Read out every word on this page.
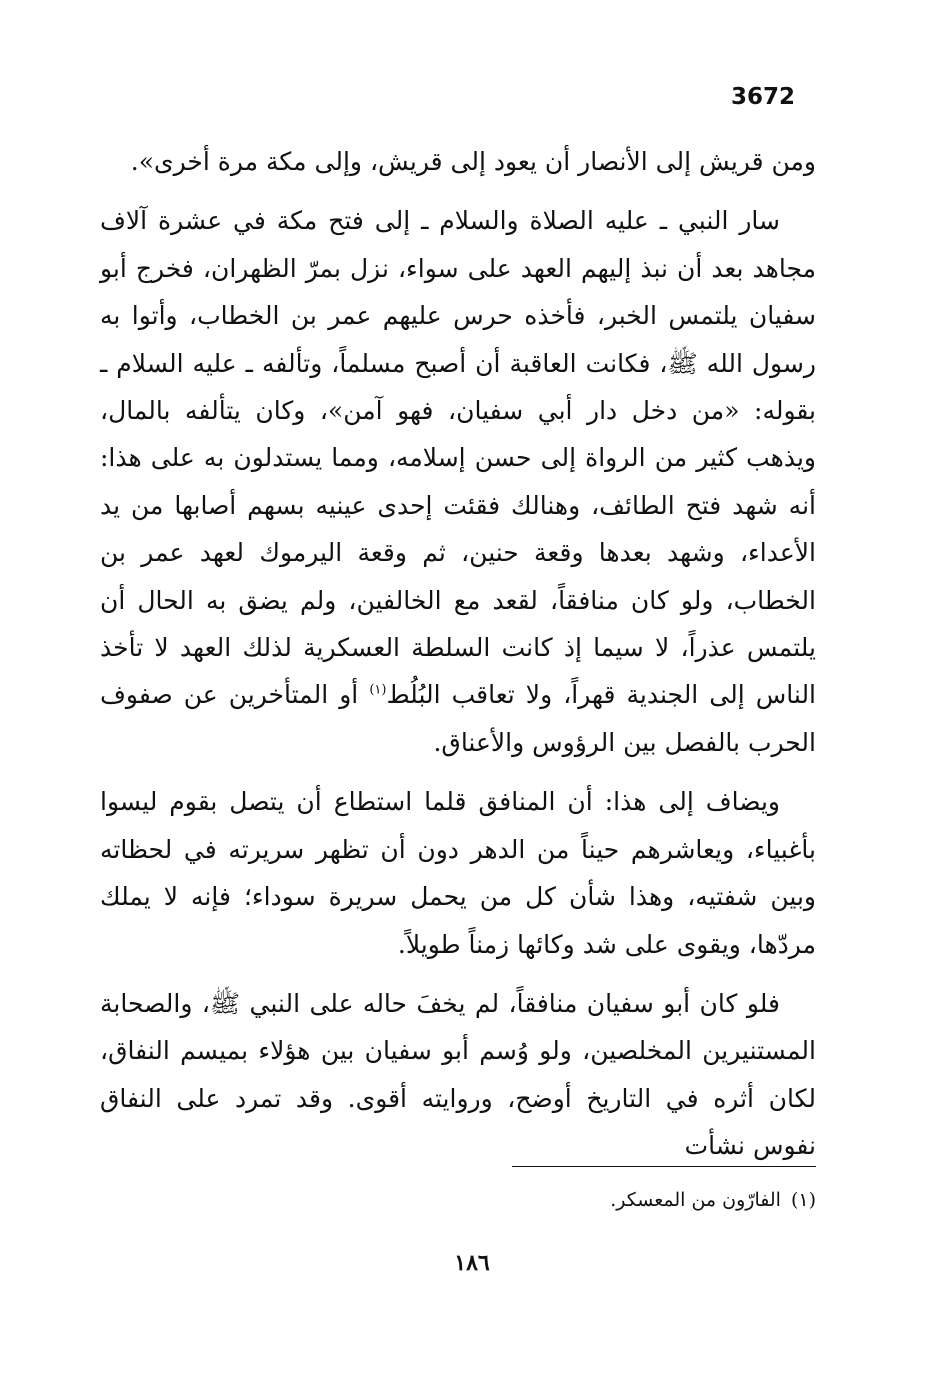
3672

ومن قريش إلى الأنصار أن يعود إلى قريش، وإلى مكة مرة أخرى».

سار النبي ـ عليه الصلاة والسلام ـ إلى فتح مكة في عشرة آلاف مجاهد بعد أن نبذ إليهم العهد على سواء، نزل بمرّ الظهران، فخرج أبو سفيان يلتمس الخبر، فأخذه حرس عليهم عمر بن الخطاب، وأتوا به رسول الله ﷺ، فكانت العاقبة أن أصبح مسلماً، وتألفه ـ عليه السلام ـ بقوله: «من دخل دار أبي سفيان، فهو آمن»، وكان يتألفه بالمال، ويذهب كثير من الرواة إلى حسن إسلامه، ومما يستدلون به على هذا: أنه شهد فتح الطائف، وهنالك فقئت إحدى عينيه بسهم أصابها من يد الأعداء، وشهد بعدها وقعة حنين، ثم وقعة اليرموك لعهد عمر بن الخطاب، ولو كان منافقاً، لقعد مع الخالفين، ولم يضق به الحال أن يلتمس عذراً، لا سيما إذ كانت السلطة العسكرية لذلك العهد لا تأخذ الناس إلى الجندية قهراً، ولا تعاقب البُلُط$^{(١)}$ أو المتأخرين عن صفوف الحرب بالفصل بين الرؤوس والأعناق.

ويضاف إلى هذا: أن المنافق قلما استطاع أن يتصل بقوم ليسوا بأغبياء، ويعاشرهم حيناً من الدهر دون أن تظهر سريرته في لحظاته وبين شفتيه، وهذا شأن كل من يحمل سريرة سوداء؛ فإنه لا يملك مردّها، ويقوى على شد وكائها زمناً طويلاً.

فلو كان أبو سفيان منافقاً، لم يخفَ حاله على النبي ﷺ، والصحابة المستنيرين المخلصين، ولو وُسم أبو سفيان بين هؤلاء بميسم النفاق، لكان أثره في التاريخ أوضح، وروايته أقوى. وقد تمرد على النفاق نفوس نشأت

(١)الفارّون من المعسكر.
١٨٦
